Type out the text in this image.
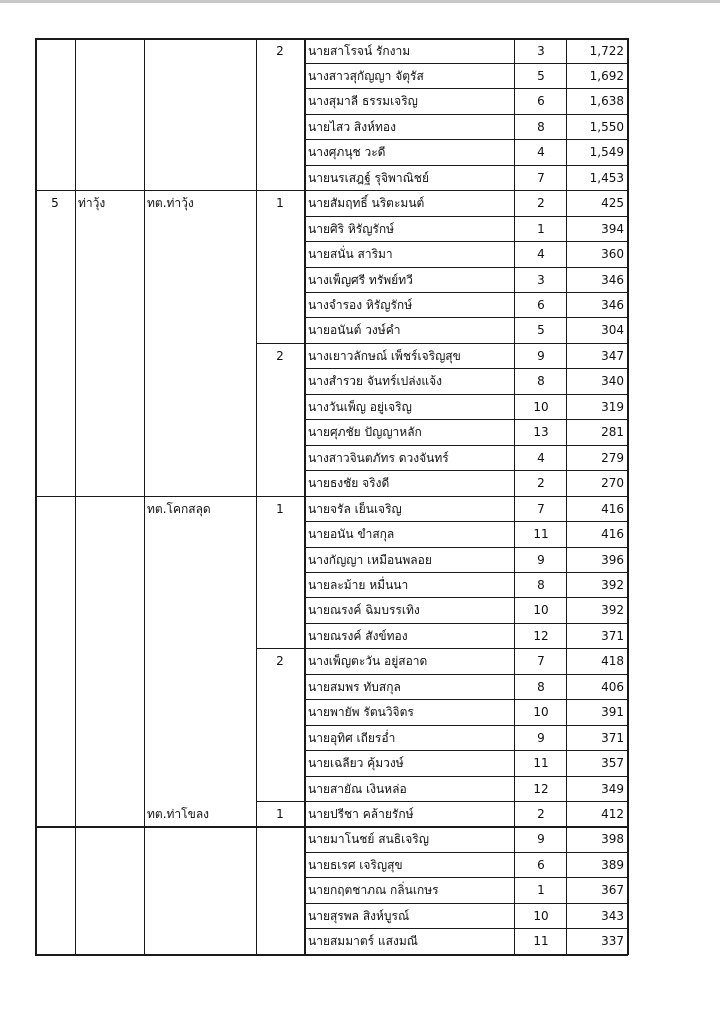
2	นายสาโรจน์ รักงาม	3	1,722
นางสาวสุกัญญา จัตุรัส	5	1,692
นางสุมาลี ธรรมเจริญ	6	1,638
นายไสว สิงห์ทอง	8	1,550
นางศุภนุช วะดี	4	1,549
นายนรเสฎฐ์ รุจิพาณิชย์	7	1,453
5	ท่าวุ้ง	ทต.ท่าวุ้ง	1	นายสัมฤทธิ์ นริตะมนต์	2	425
นายศิริ หิรัญรักษ์	1	394
นายสนั่น สาริมา	4	360
นางเพ็ญศรี ทรัพย์ทวี	3	346
นางจำรอง หิรัญรักษ์	6	346
นายอนันต์ วงษ์คำ	5	304
2	นางเยาวลักษณ์ เพ็ชร์เจริญสุข	9	347
นางสำรวย จันทร์เปล่งแจ้ง	8	340
นางวันเพ็ญ อยู่เจริญ	10	319
นายศุภชัย ปัญญาหลัก	13	281
นางสาวจินตภัทร ดวงจันทร์	4	279
นายธงชัย จริงดี	2	270
ทต.โคกสลุด	1	นายจรัล เย็นเจริญ	7	416
นายอนัน ขำสกุล	11	416
นางกัญญา เหมือนพลอย	9	396
นายละม้าย หมื่นนา	8	392
นายณรงค์ ฉิมบรรเทิง	10	392
นายณรงค์ สังข์ทอง	12	371
2	นางเพ็ญตะวัน อยู่สอาด	7	418
นายสมพร ทับสกุล	8	406
นายพายัพ รัตนวิจิตร	10	391
นายอุทิศ เถียรอ่ำ	9	371
นายเฉลียว คุ้มวงษ์	11	357
นายสายัณ เงินหล่อ	12	349
ทต.ท่าโขลง	1	นายปรีชา คล้ายรักษ์	2	412
นายมาโนชย์ สนธิเจริญ	9	398
นายธเรศ เจริญสุข	6	389
นายกฤตชาภณ กลิ่นเกษร	1	367
นายสุรพล สิงห์บูรณ์	10	343
นายสมมาตร์ แสงมณี	11	337
